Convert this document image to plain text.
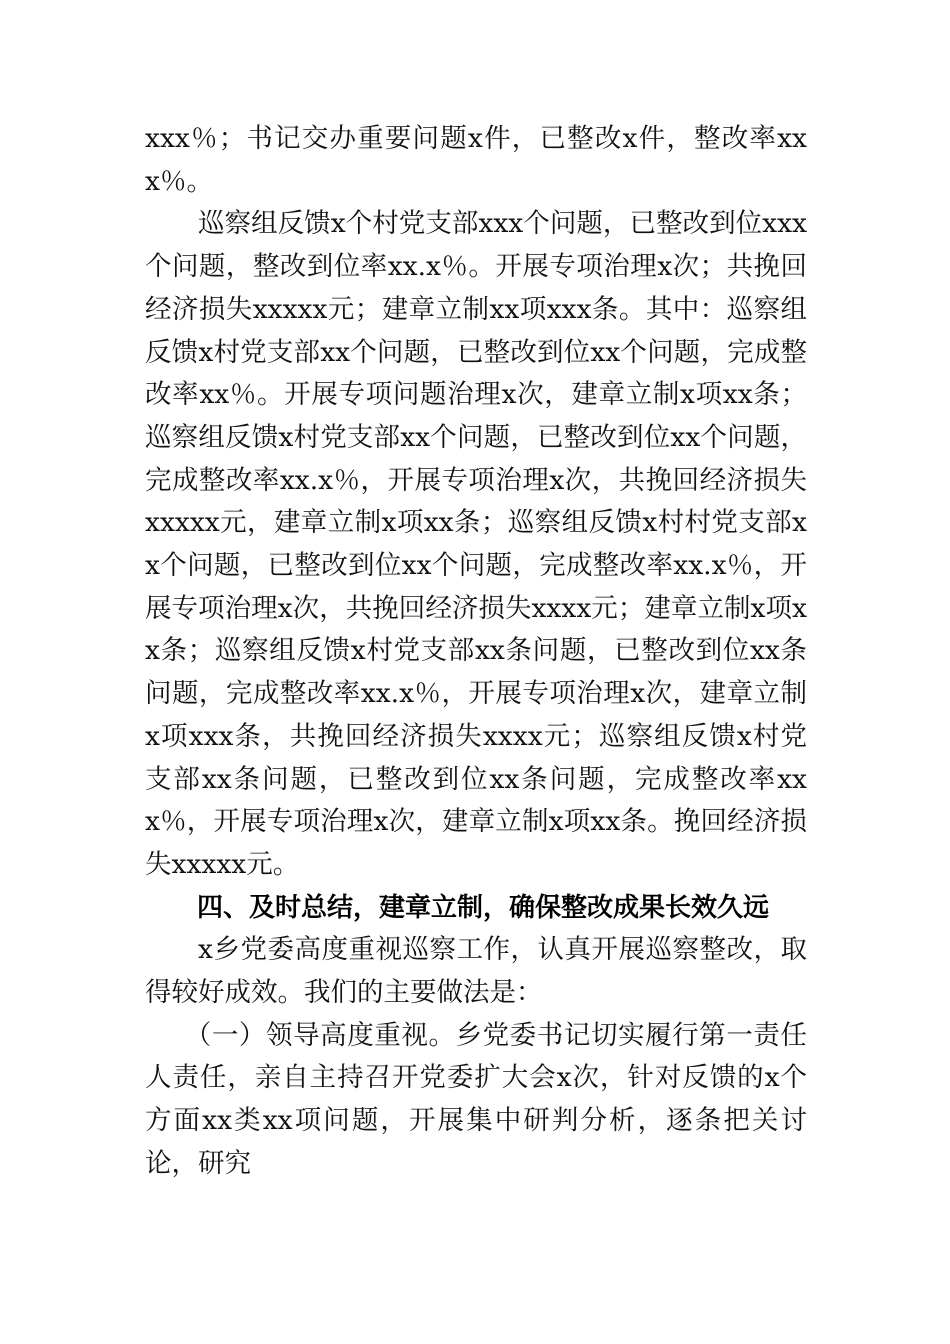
xxx％；书记交办重要问题x件，已整改x件，整改率xxx％。

巡察组反馈x个村党支部xxx个问题，已整改到位xxx个问题，整改到位率xx.x％。开展专项治理x次；共挽回经济损失xxxxx元；建章立制xx项xxx条。其中：巡察组反馈x村党支部xx个问题，已整改到位xx个问题，完成整改率xx％。开展专项问题治理x次，建章立制x项xx条；巡察组反馈x村党支部xx个问题，已整改到位xx个问题，完成整改率xx.x％，开展专项治理x次，共挽回经济损失xxxxx元，建章立制x项xx条；巡察组反馈x村村党支部xx个问题，已整改到位xx个问题，完成整改率xx.x％，开展专项治理x次，共挽回经济损失xxxx元；建章立制x项xx条；巡察组反馈x村党支部xx条问题，已整改到位xx条问题，完成整改率xx.x％，开展专项治理x次，建章立制x项xxx条，共挽回经济损失xxxx元；巡察组反馈x村党支部xx条问题，已整改到位xx条问题，完成整改率xxx％，开展专项治理x次，建章立制x项xx条。挽回经济损失xxxxx元。

四、及时总结，建章立制，确保整改成果长效久远

x乡党委高度重视巡察工作，认真开展巡察整改，取得较好成效。我们的主要做法是：

（一）领导高度重视。乡党委书记切实履行第一责任人责任，亲自主持召开党委扩大会x次，针对反馈的x个方面xx类xx项问题，开展集中研判分析，逐条把关讨论，研究
